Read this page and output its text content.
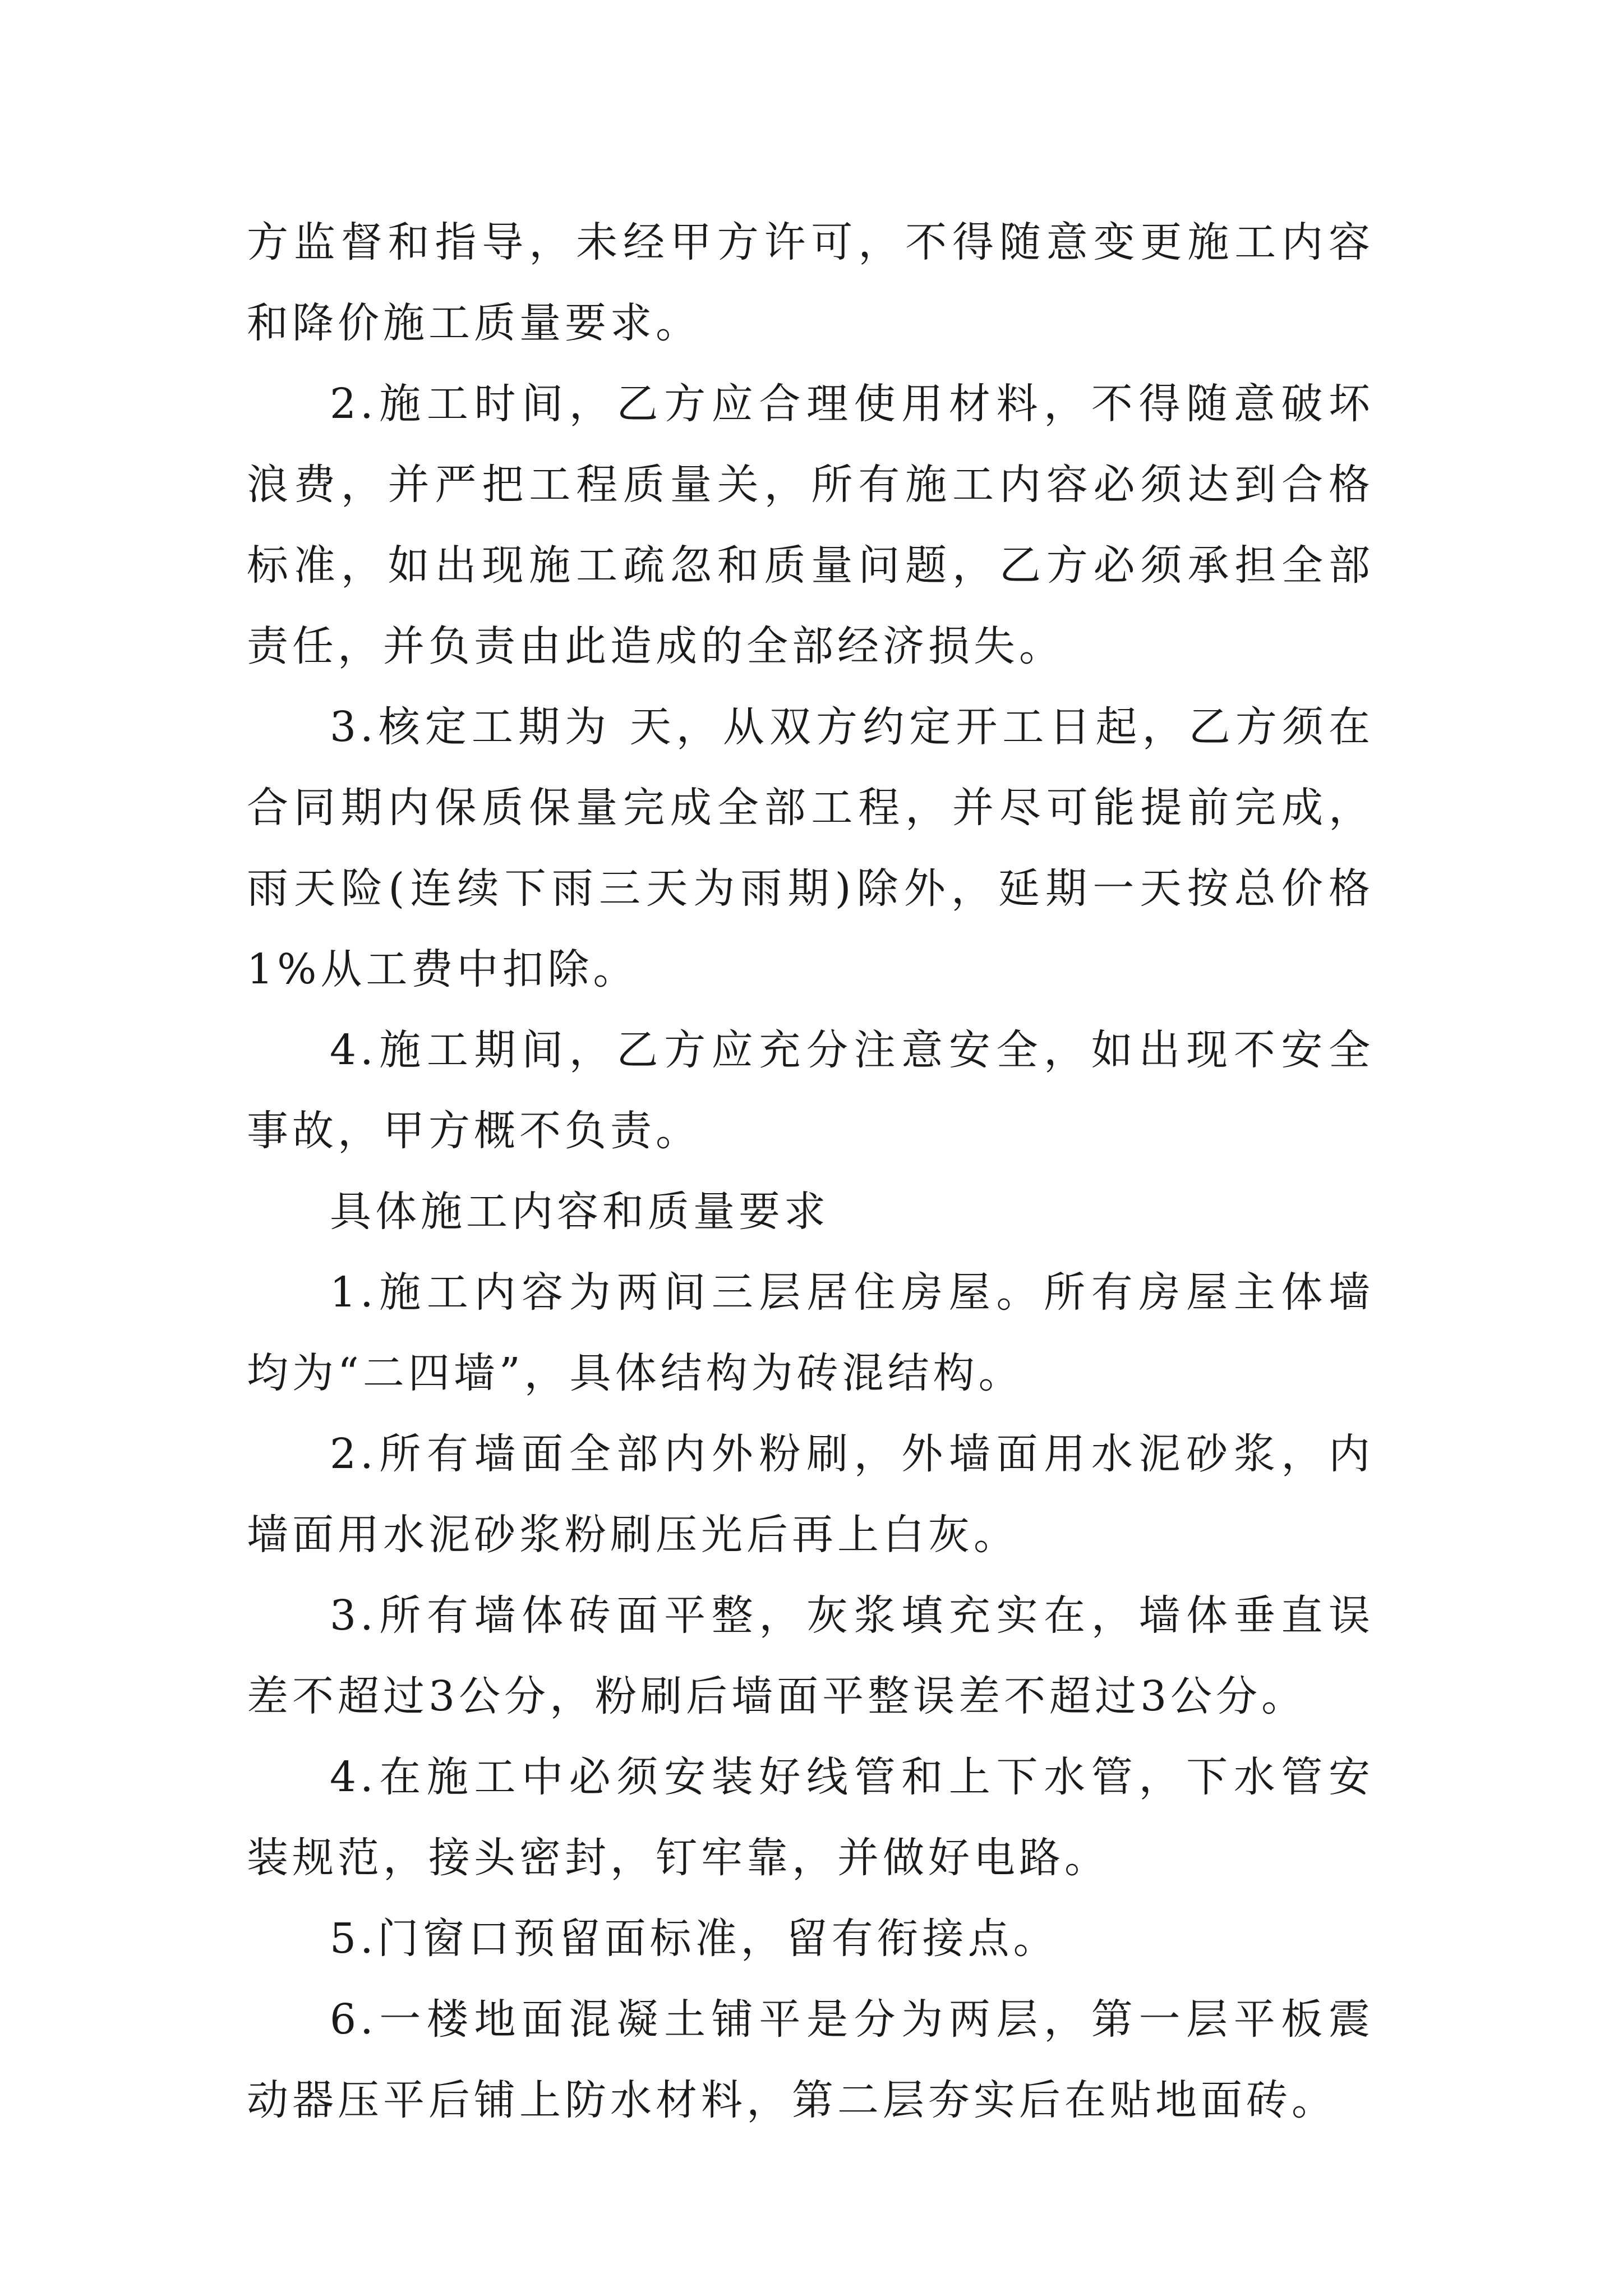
方监督和指导，未经甲方许可，不得随意变更施工内容和降价施工质量要求。

2.施工时间，乙方应合理使用材料，不得随意破坏浪费，并严把工程质量关，所有施工内容必须达到合格标准，如出现施工疏忽和质量问题，乙方必须承担全部责任，并负责由此造成的全部经济损失。

3.核定工期为 天，从双方约定开工日起，乙方须在合同期内保质保量完成全部工程，并尽可能提前完成，雨天险(连续下雨三天为雨期)除外，延期一天按总价格1%从工费中扣除。

4.施工期间，乙方应充分注意安全，如出现不安全事故，甲方概不负责。

具体施工内容和质量要求

1.施工内容为两间三层居住房屋。所有房屋主体墙均为“二四墙”，具体结构为砖混结构。

2.所有墙面全部内外粉刷，外墙面用水泥砂浆，内墙面用水泥砂浆粉刷压光后再上白灰。

3.所有墙体砖面平整，灰浆填充实在，墙体垂直误差不超过3公分，粉刷后墙面平整误差不超过3公分。

4.在施工中必须安装好线管和上下水管，下水管安装规范，接头密封，钉牢靠，并做好电路。

5.门窗口预留面标准，留有衔接点。

6.一楼地面混凝土铺平是分为两层，第一层平板震动器压平后铺上防水材料，第二层夯实后在贴地面砖。
